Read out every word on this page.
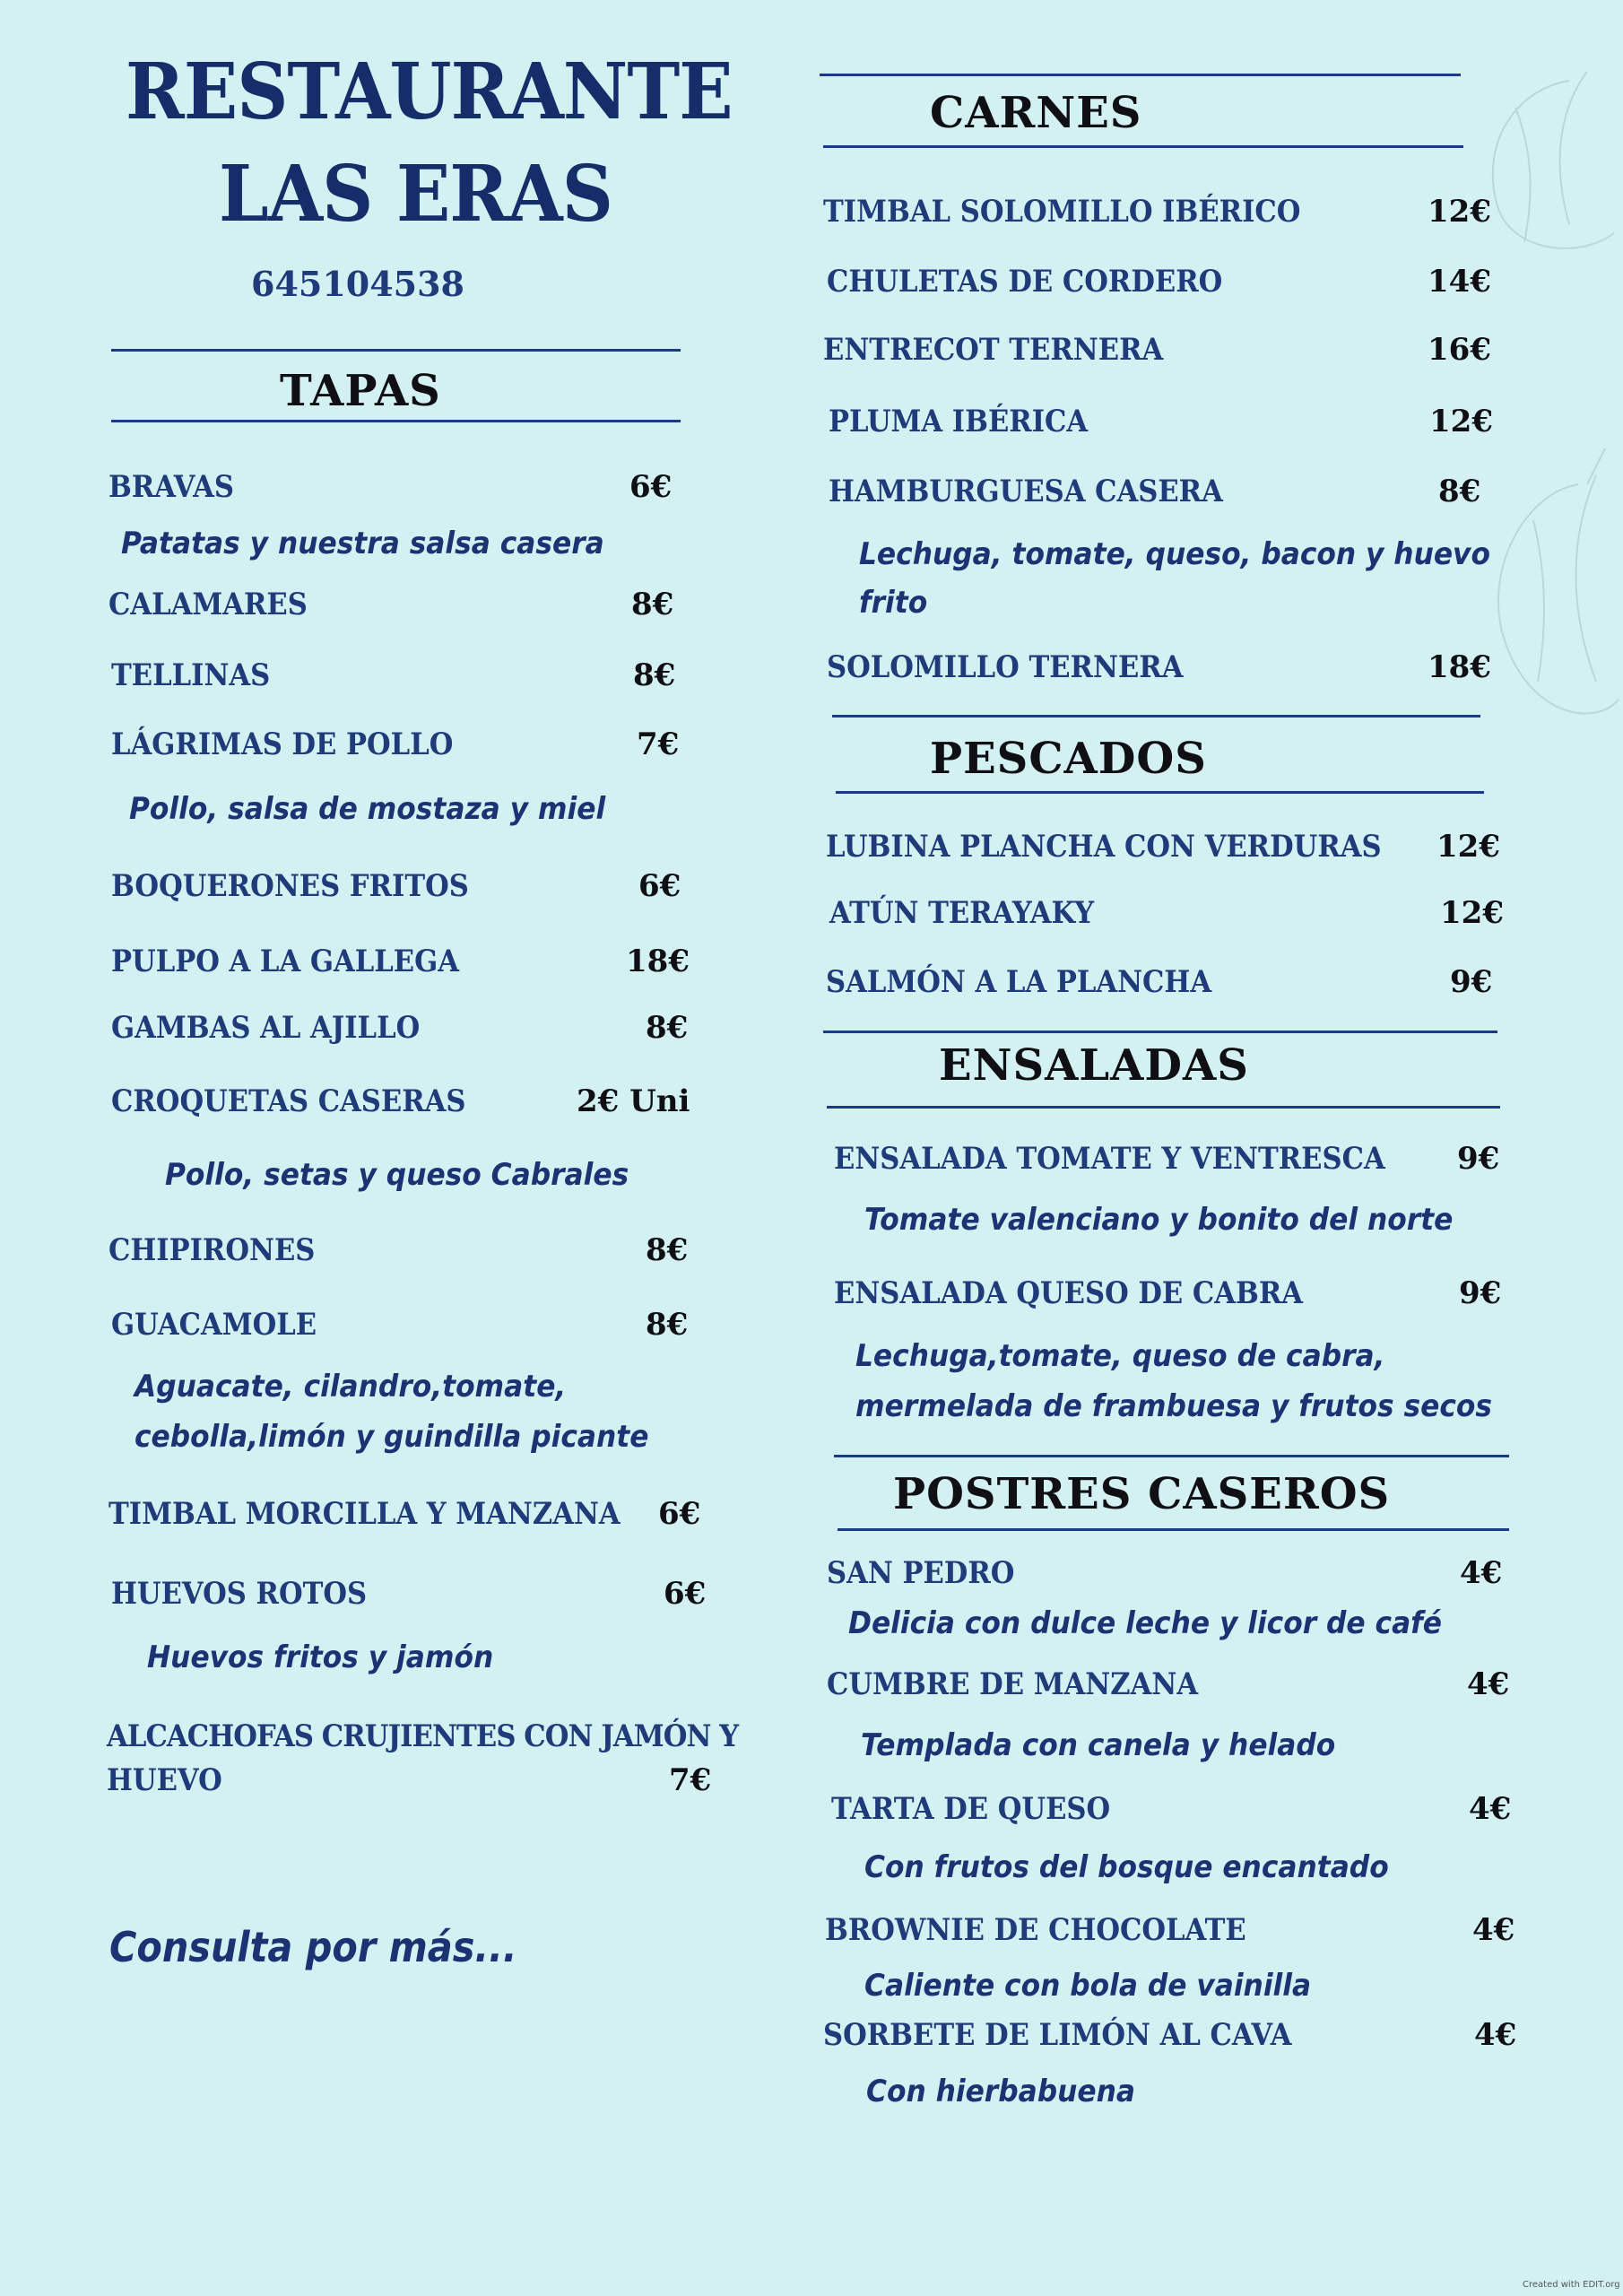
RESTAURANTE
LAS ERAS
645104538
TAPAS
BRAVAS	6€
Patatas y nuestra salsa casera
CALAMARES	8€
TELLINAS	8€
LÁGRIMAS DE POLLO	7€
Pollo, salsa de mostaza y miel
BOQUERONES FRITOS	6€
PULPO A LA GALLEGA	18€
GAMBAS AL AJILLO	8€
CROQUETAS CASERAS	2€ Uni
Pollo, setas y queso Cabrales
CHIPIRONES	8€
GUACAMOLE	8€
Aguacate, cilandro,tomate,
cebolla,limón y guindilla picante
TIMBAL MORCILLA Y MANZANA 6€
HUEVOS ROTOS	6€
Huevos fritos y jamón
ALCACHOFAS CRUJIENTES CON JAMÓN Y
HUEVO	7€
Consulta por más...
CARNES
TIMBAL SOLOMILLO IBÉRICO	12€
CHULETAS DE CORDERO	14€
ENTRECOT TERNERA	16€
PLUMA IBÉRICA	12€
HAMBURGUESA CASERA	8€
Lechuga, tomate, queso, bacon y huevo
frito
SOLOMILLO TERNERA	18€
PESCADOS
LUBINA PLANCHA CON VERDURAS 12€
ATÚN TERAYAKY	12€
SALMÓN A LA PLANCHA	9€
ENSALADAS
ENSALADA TOMATE Y VENTRESCA 9€
Tomate valenciano y bonito del norte
ENSALADA QUESO DE CABRA	9€
Lechuga,tomate, queso de cabra,
mermelada de frambuesa y frutos secos
POSTRES CASEROS
SAN PEDRO	4€
Delicia con dulce leche y licor de café
CUMBRE DE MANZANA	4€
Templada con canela y helado
TARTA DE QUESO	4€
Con frutos del bosque encantado
BROWNIE DE CHOCOLATE	4€
Caliente con bola de vainilla
SORBETE DE LIMÓN AL CAVA	4€
Con hierbabuena
Created with EDIT.org
